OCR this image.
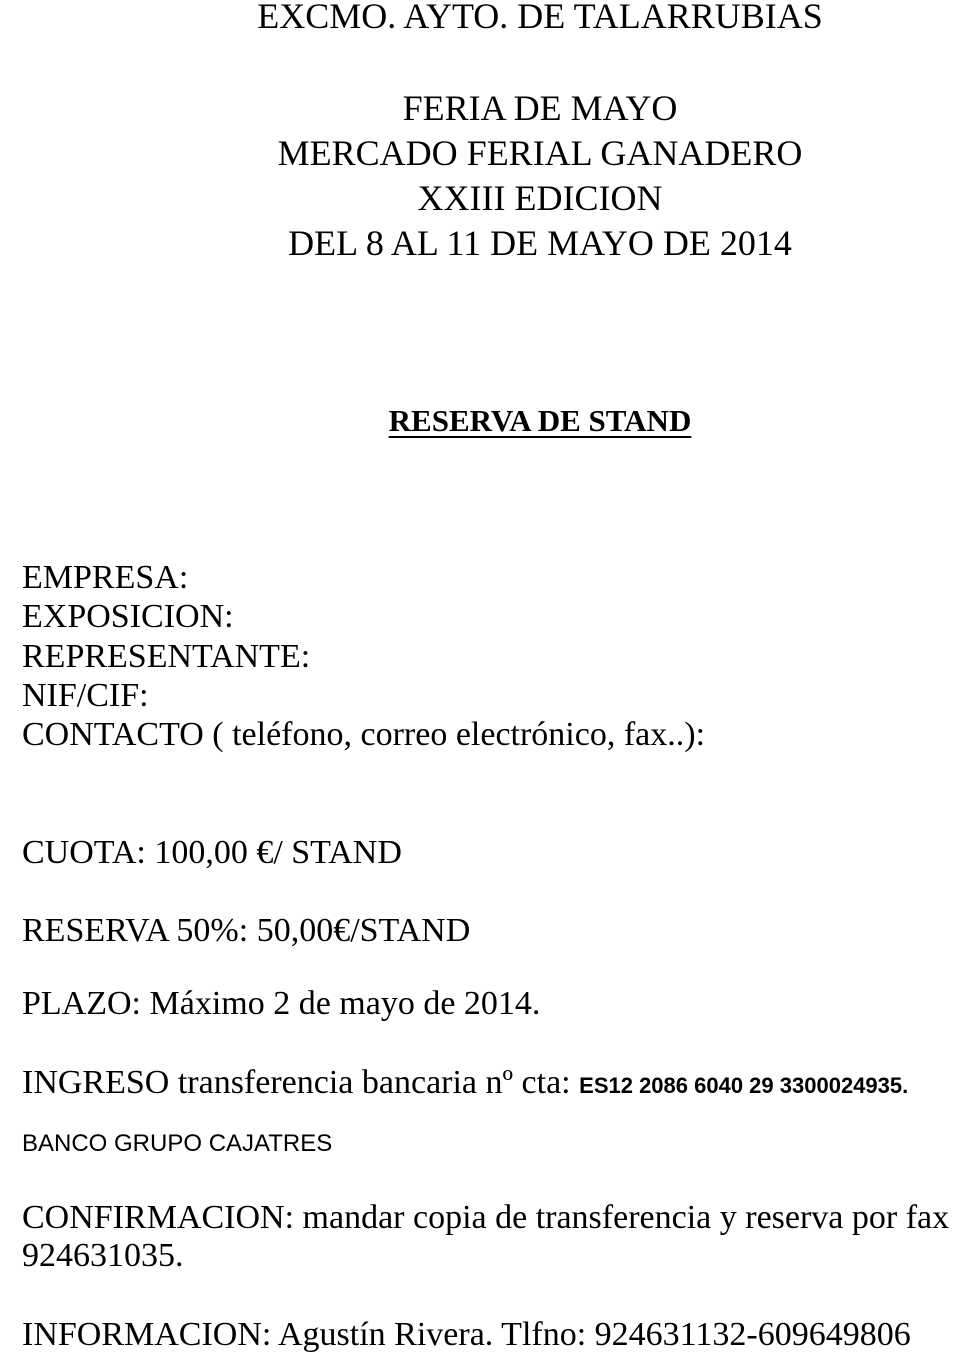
EXCMO. AYTO. DE TALARRUBIAS
FERIA DE MAYO
MERCADO FERIAL GANADERO
XXIII EDICION
DEL 8 AL 11 DE MAYO DE 2014
RESERVA DE STAND
EMPRESA:
EXPOSICION:
REPRESENTANTE:
NIF/CIF:
CONTACTO ( teléfono, correo electrónico, fax..):
CUOTA: 100,00 €/ STAND
RESERVA 50%: 50,00€/STAND
PLAZO: Máximo 2 de mayo de 2014.
INGRESO transferencia bancaria nº cta: ES12 2086 6040 29 3300024935.
BANCO GRUPO CAJATRES
CONFIRMACION: mandar copia de transferencia y reserva por fax
924631035.
INFORMACION: Agustín Rivera. Tlfno: 924631132-609649806
